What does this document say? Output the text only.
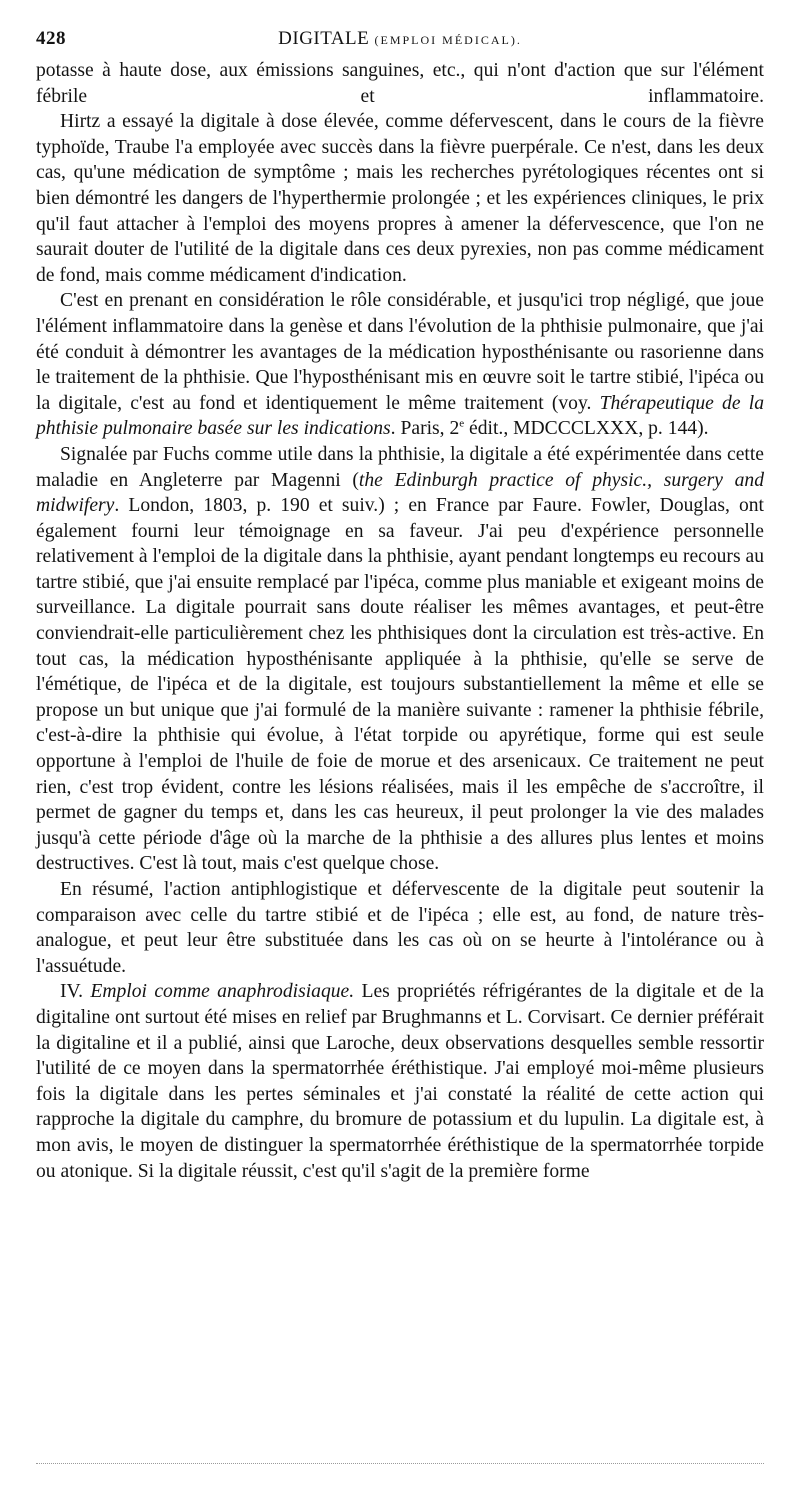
428	DIGITALE (EMPLOI MÉDICAL).

potasse à haute dose, aux émissions sanguines, etc., qui n'ont d'action que sur l'élément fébrile et inflammatoire.

Hirtz a essayé la digitale à dose élevée, comme défervescent, dans le cours de la fièvre typhoïde, Traube l'a employée avec succès dans la fièvre puerpérale. Ce n'est, dans les deux cas, qu'une médication de symptôme ; mais les recherches pyrétologiques récentes ont si bien démontré les dangers de l'hyperthermie prolongée ; et les expériences cliniques, le prix qu'il faut attacher à l'emploi des moyens propres à amener la défervescence, que l'on ne saurait douter de l'utilité de la digitale dans ces deux pyrexies, non pas comme médicament de fond, mais comme médicament d'indication.

C'est en prenant en considération le rôle considérable, et jusqu'ici trop négligé, que joue l'élément inflammatoire dans la genèse et dans l'évolution de la phthisie pulmonaire, que j'ai été conduit à démontrer les avantages de la médication hyposthénisante ou rasorienne dans le traitement de la phthisie. Que l'hyposthénisant mis en œuvre soit le tartre stibié, l'ipéca ou la digitale, c'est au fond et identiquement le même traitement (voy. Thérapeutique de la phthisie pulmonaire basée sur les indications. Paris, 2e édit., MDCCCLXXX, p. 144).

Signalée par Fuchs comme utile dans la phthisie, la digitale a été expérimentée dans cette maladie en Angleterre par Magenni (the Edinburgh practice of physic., surgery and midwifery. London, 1803, p. 190 et suiv.) ; en France par Faure. Fowler, Douglas, ont également fourni leur témoignage en sa faveur. J'ai peu d'expérience personnelle relativement à l'emploi de la digitale dans la phthisie, ayant pendant longtemps eu recours au tartre stibié, que j'ai ensuite remplacé par l'ipéca, comme plus maniable et exigeant moins de surveillance. La digitale pourrait sans doute réaliser les mêmes avantages, et peut-être conviendrait-elle particulièrement chez les phthisiques dont la circulation est très-active. En tout cas, la médication hyposthénisante appliquée à la phthisie, qu'elle se serve de l'émétique, de l'ipéca et de la digitale, est toujours substantiellement la même et elle se propose un but unique que j'ai formulé de la manière suivante : ramener la phthisie fébrile, c'est-à-dire la phthisie qui évolue, à l'état torpide ou apyrétique, forme qui est seule opportune à l'emploi de l'huile de foie de morue et des arsenicaux. Ce traitement ne peut rien, c'est trop évident, contre les lésions réalisées, mais il les empêche de s'accroître, il permet de gagner du temps et, dans les cas heureux, il peut prolonger la vie des malades jusqu'à cette période d'âge où la marche de la phthisie a des allures plus lentes et moins destructives. C'est là tout, mais c'est quelque chose.

En résumé, l'action antiphlogistique et défervescente de la digitale peut soutenir la comparaison avec celle du tartre stibié et de l'ipéca ; elle est, au fond, de nature très-analogue, et peut leur être substituée dans les cas où on se heurte à l'intolérance ou à l'assuétude.

IV. Emploi comme anaphrodisiaque. Les propriétés réfrigérantes de la digitale et de la digitaline ont surtout été mises en relief par Brughmanns et L. Corvisart. Ce dernier préférait la digitaline et il a publié, ainsi que Laroche, deux observations desquelles semble ressortir l'utilité de ce moyen dans la spermatorrhée éréthistique. J'ai employé moi-même plusieurs fois la digitale dans les pertes séminales et j'ai constaté la réalité de cette action qui rapproche la digitale du camphre, du bromure de potassium et du lupulin. La digitale est, à mon avis, le moyen de distinguer la spermatorrhée éréthistique de la spermatorrhée torpide ou atonique. Si la digitale réussit, c'est qu'il s'agit de la première forme
